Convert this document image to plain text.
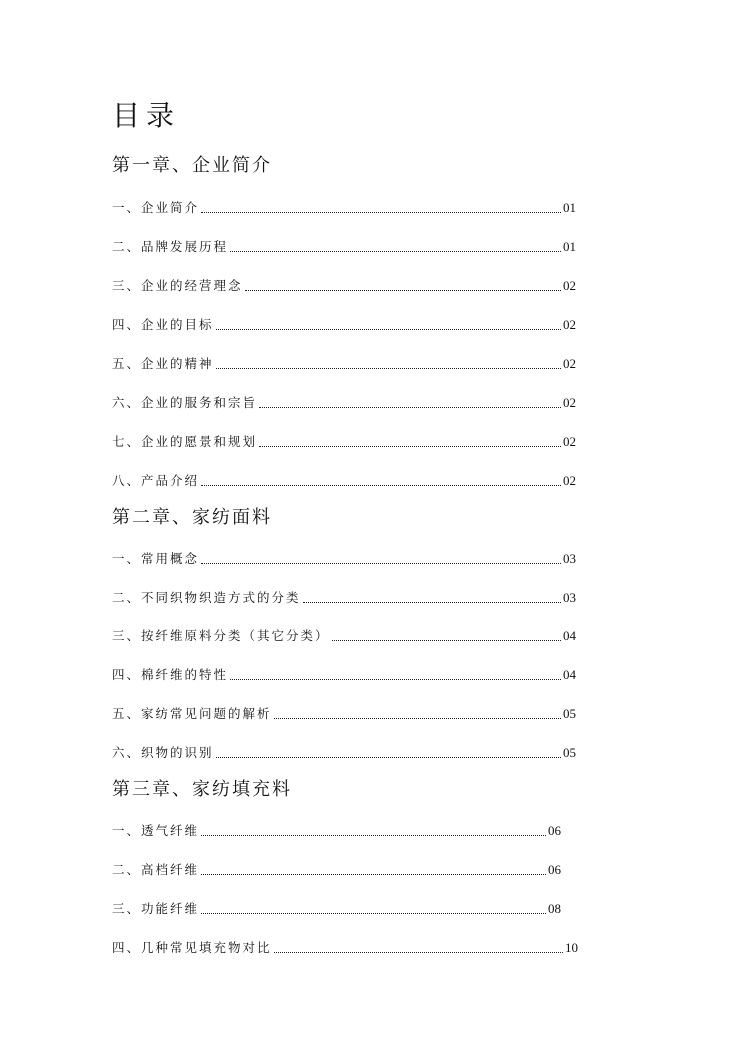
目录
第一章、企业简介
一、企业简介	01
二、品牌发展历程	01
三、企业的经营理念	02
四、企业的目标	02
五、企业的精神	02
六、企业的服务和宗旨	02
七、企业的愿景和规划	02
八、产品介绍	02
第二章、家纺面料
一、常用概念	03
二、不同织物织造方式的分类	03
三、按纤维原料分类（其它分类）	04
四、棉纤维的特性	04
五、家纺常见问题的解析	05
六、织物的识别	05
第三章、家纺填充料
一、透气纤维	06
二、高档纤维	06
三、功能纤维	08
四、几种常见填充物对比	10
